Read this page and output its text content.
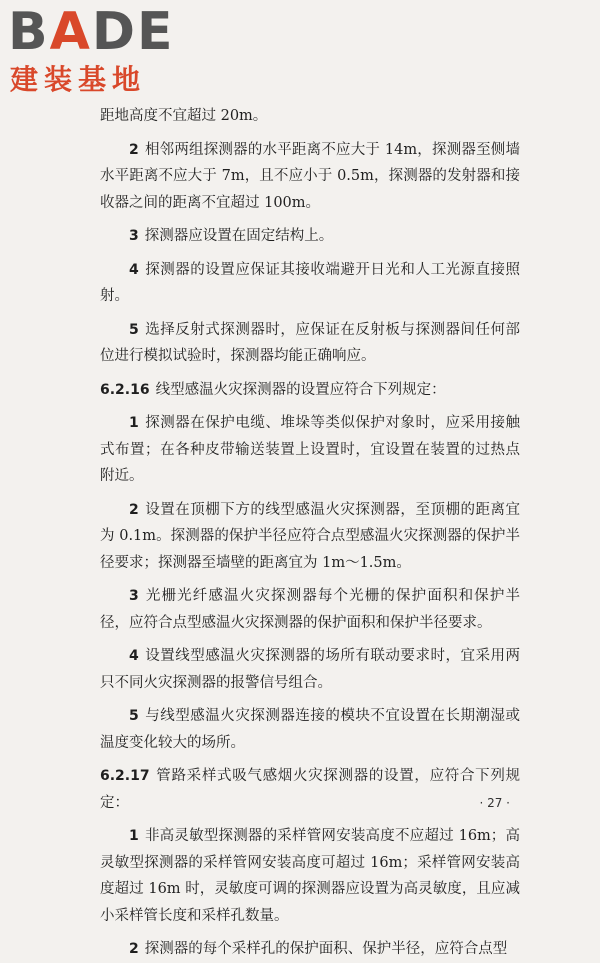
BADE
建装基地

距地高度不宜超过 20m。

2 相邻两组探测器的水平距离不应大于 14m，探测器至侧墙水平距离不应大于 7m，且不应小于 0.5m，探测器的发射器和接收器之间的距离不宜超过 100m。

3 探测器应设置在固定结构上。

4 探测器的设置应保证其接收端避开日光和人工光源直接照射。

5 选择反射式探测器时，应保证在反射板与探测器间任何部位进行模拟试验时，探测器均能正确响应。

6.2.16 线型感温火灾探测器的设置应符合下列规定：

1 探测器在保护电缆、堆垛等类似保护对象时，应采用接触式布置；在各种皮带输送装置上设置时，宜设置在装置的过热点附近。

2 设置在顶棚下方的线型感温火灾探测器，至顶棚的距离宜为 0.1m。探测器的保护半径应符合点型感温火灾探测器的保护半径要求；探测器至墙壁的距离宜为 1m～1.5m。

3 光栅光纤感温火灾探测器每个光栅的保护面积和保护半径，应符合点型感温火灾探测器的保护面积和保护半径要求。

4 设置线型感温火灾探测器的场所有联动要求时，宜采用两只不同火灾探测器的报警信号组合。

5 与线型感温火灾探测器连接的模块不宜设置在长期潮湿或温度变化较大的场所。

6.2.17 管路采样式吸气感烟火灾探测器的设置，应符合下列规定：

1 非高灵敏型探测器的采样管网安装高度不应超过 16m；高灵敏型探测器的采样管网安装高度可超过 16m；采样管网安装高度超过 16m 时，灵敏度可调的探测器应设置为高灵敏度，且应减小采样管长度和采样孔数量。

2 探测器的每个采样孔的保护面积、保护半径，应符合点型

· 27 ·
